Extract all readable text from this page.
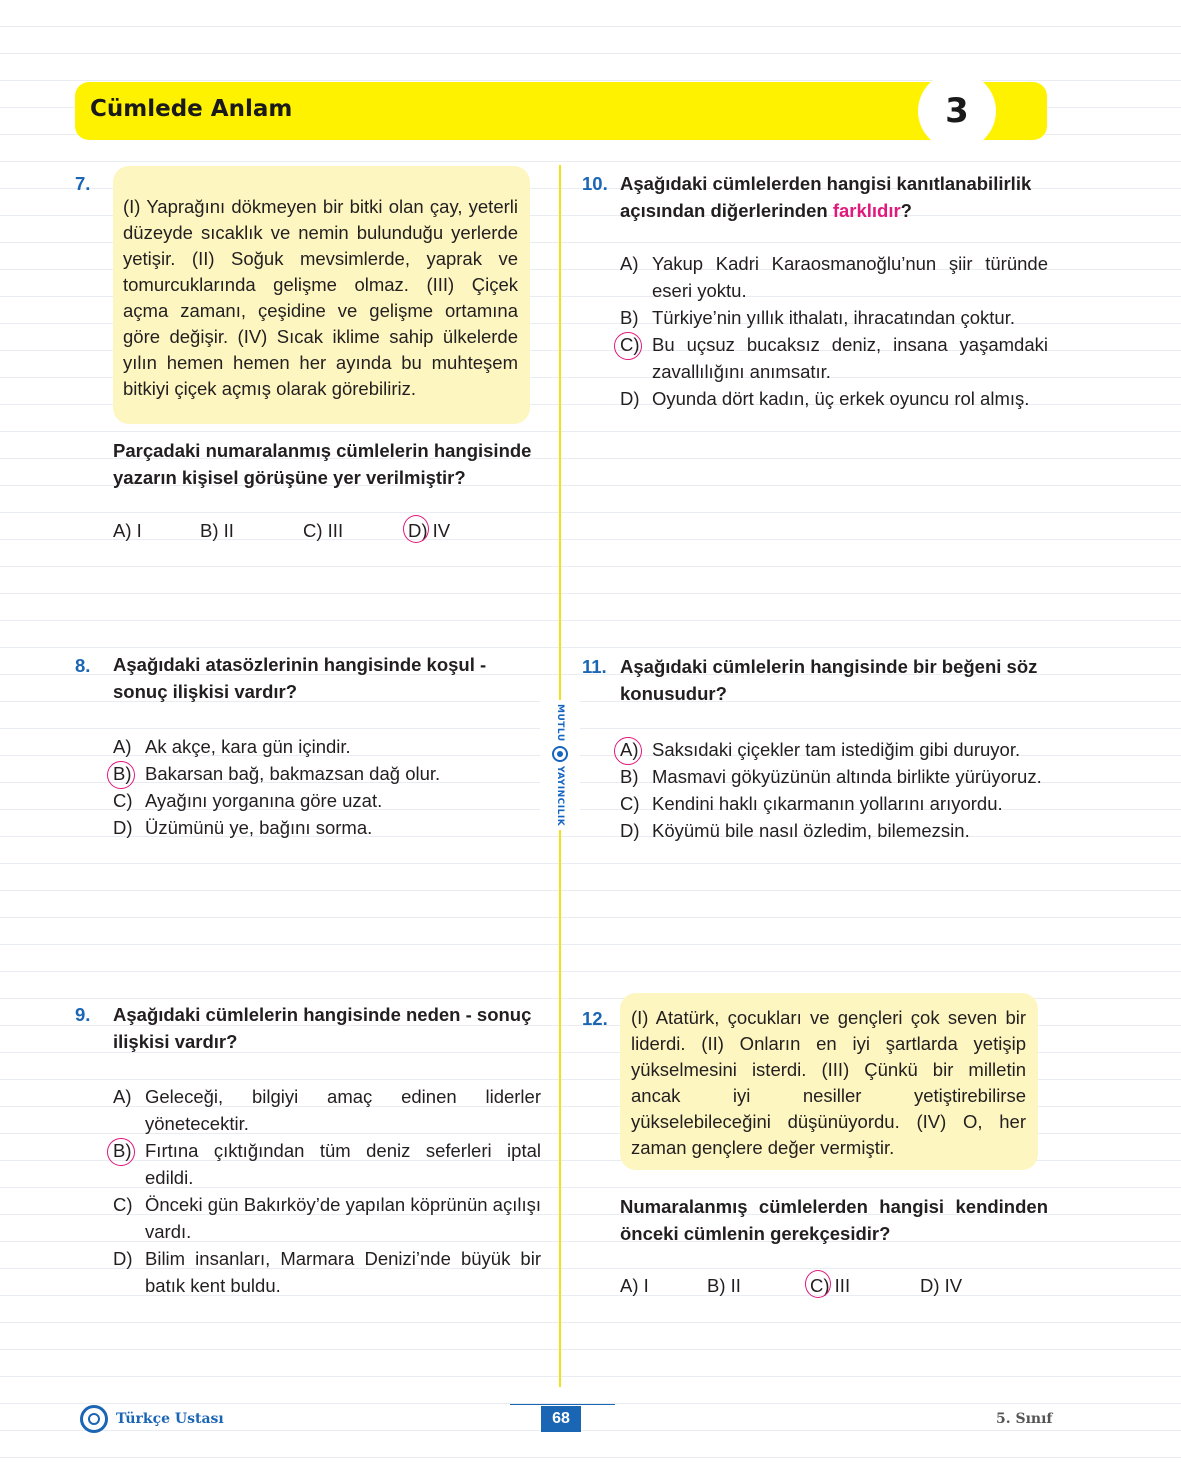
Cümlede Anlam	3
MUTLU
YAYINCILIK
7.
(I) Yaprağını dökmeyen bir bitki olan çay, yeterli düzeyde sıcaklık ve nemin bulunduğu yerlerde yetişir. (II) Soğuk mevsimlerde, yaprak ve tomurcuklarında gelişme olmaz. (III) Çiçek açma zamanı, çeşidine ve gelişme ortamına göre değişir. (IV) Sıcak iklime sahip ülkelerde yılın hemen hemen her ayında bu muhteşem bitkiyi çiçek açmış olarak görebiliriz.
Parçadaki numaralanmış cümlelerin hangisinde yazarın kişisel görüşüne yer verilmiştir?
A) I	B) II	C) III	D) IV
8. Aşağıdaki atasözlerinin hangisinde koşul - sonuç ilişkisi vardır?
A) Ak akçe, kara gün içindir.
B) Bakarsan bağ, bakmazsan dağ olur.
C) Ayağını yorganına göre uzat.
D) Üzümünü ye, bağını sorma.
9. Aşağıdaki cümlelerin hangisinde neden - sonuç ilişkisi vardır?
A) Geleceği, bilgiyi amaç edinen liderler yönetecektir.
B) Fırtına çıktığından tüm deniz seferleri iptal edildi.
C) Önceki gün Bakırköy’de yapılan köprünün açılışı vardı.
D) Bilim insanları, Marmara Denizi’nde büyük bir batık kent buldu.
10. Aşağıdaki cümlelerden hangisi kanıtlanabilirlik açısından diğerlerinden farklıdır?
A) Yakup Kadri Karaosmanoğlu’nun şiir türünde eseri yoktu.
B) Türkiye’nin yıllık ithalatı, ihracatından çoktur.
C) Bu uçsuz bucaksız deniz, insana yaşamdaki zavallılığını anımsatır.
D) Oyunda dört kadın, üç erkek oyuncu rol almış.
11. Aşağıdaki cümlelerin hangisinde bir beğeni söz konusudur?
A) Saksıdaki çiçekler tam istediğim gibi duruyor.
B) Masmavi gökyüzünün altında birlikte yürüyoruz.
C) Kendini haklı çıkarmanın yollarını arıyordu.
D) Köyümü bile nasıl özledim, bilemezsin.
12.	(I) Atatürk, çocukları ve gençleri çok seven bir liderdi. (II) Onların en iyi şartlarda yetişip yükselmesini isterdi. (III) Çünkü bir milletin ancak iyi nesiller yetiştirebilirse yükselebileceğini düşünüyordu. (IV) O, her zaman gençlere değer vermiştir.
Numaralanmış cümlelerden hangisi kendinden önceki cümlenin gerekçesidir?
A) I	B) II	C) III	D) IV
Türkçe Ustası	68	5. Sınıf
